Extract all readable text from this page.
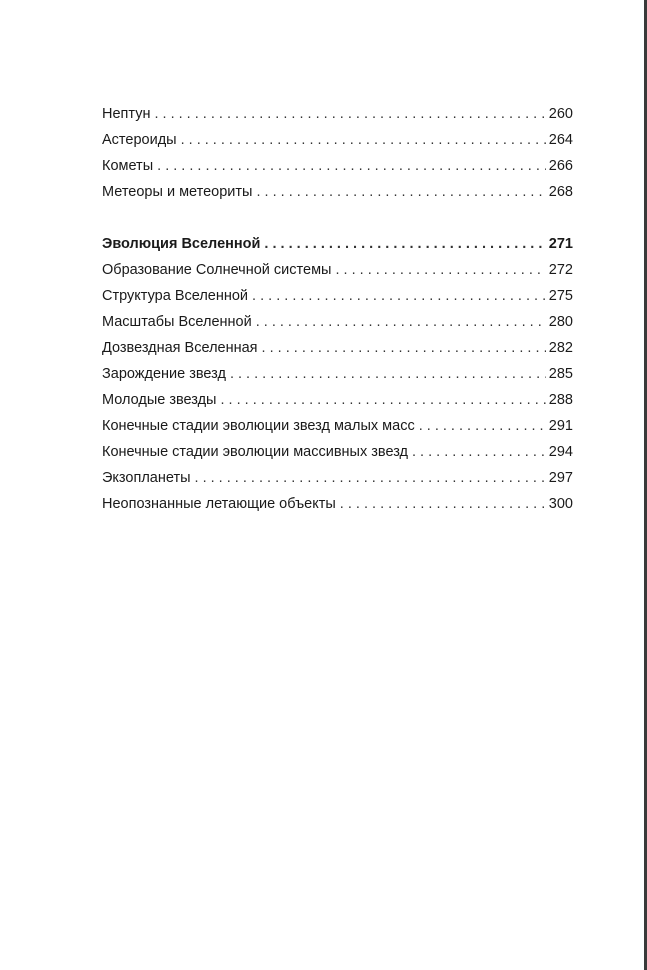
Нептун . . .	260
Астероиды . . .	264
Кометы . . .	266
Метеоры и метеориты . . .	268
Эволюция Вселенной . . .	271
Образование Солнечной системы . . .	272
Структура Вселенной . . .	275
Масштабы Вселенной . . .	280
Дозвездная Вселенная . . .	282
Зарождение звезд . . .	285
Молодые звезды . . .	288
Конечные стадии эволюции звезд малых масс . . .	291
Конечные стадии эволюции массивных звезд . . .	294
Экзопланеты . . .	297
Неопознанные летающие объекты . . .	300
